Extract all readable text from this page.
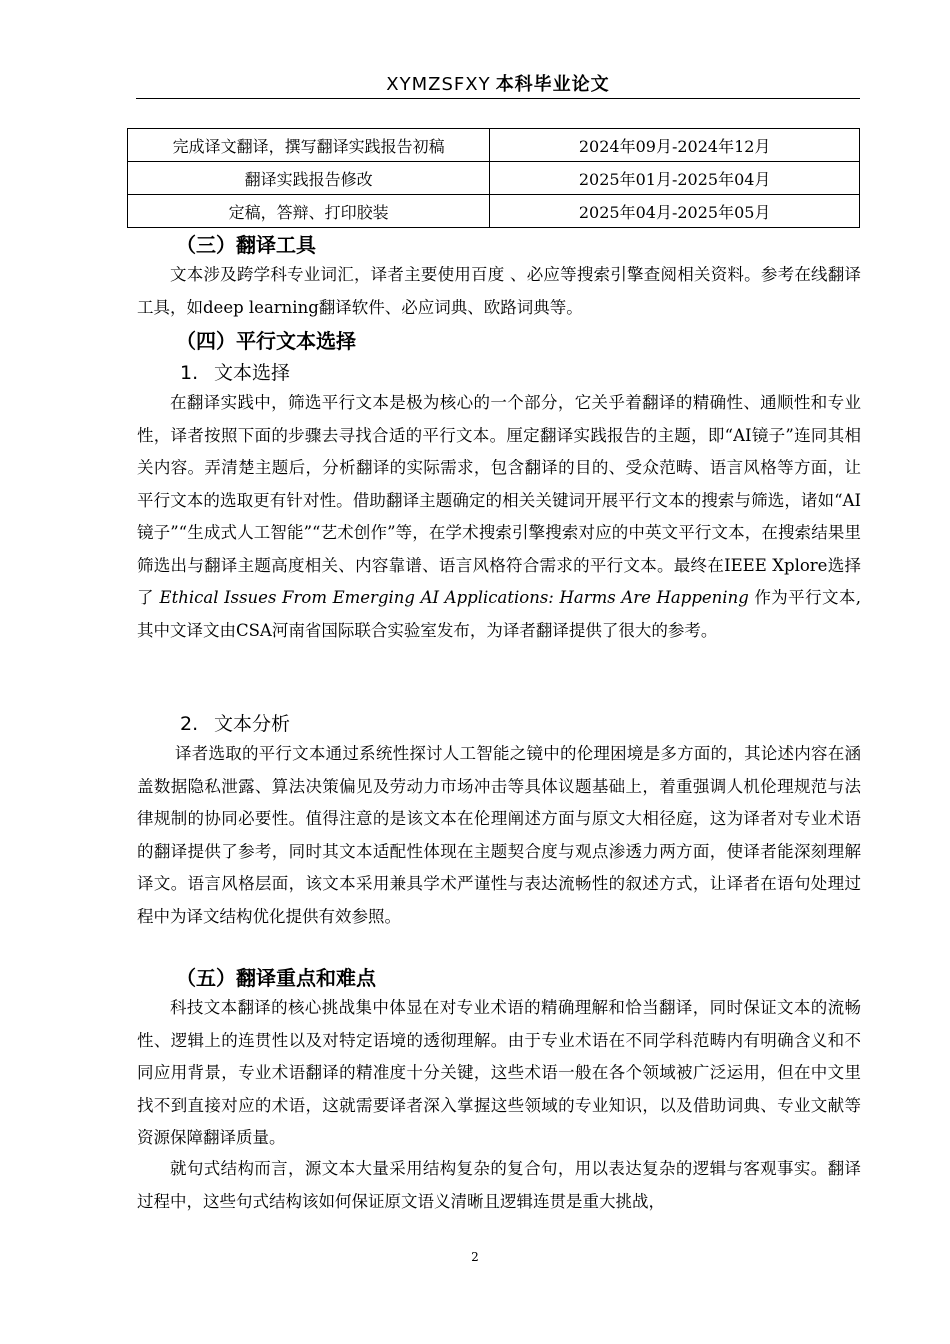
XYMZSFXY 本科毕业论文
完成译文翻译，撰写翻译实践报告初稿	2024年09月-2024年12月
翻译实践报告修改	2025年01月-2025年04月
定稿，答辩、打印胶装	2025年04月-2025年05月
（三）翻译工具

文本涉及跨学科专业词汇，译者主要使用百度 、必应等搜索引擎查阅相关资料。参考在线翻译工具，如deep learning翻译软件、必应词典、欧路词典等。

（四）平行文本选择
1. 文本选择

在翻译实践中，筛选平行文本是极为核心的一个部分，它关乎着翻译的精确性、通顺性和专业性，译者按照下面的步骤去寻找合适的平行文本。厘定翻译实践报告的主题，即“AI镜子”连同其相关内容。弄清楚主题后，分析翻译的实际需求，包含翻译的目的、受众范畴、语言风格等方面，让平行文本的选取更有针对性。借助翻译主题确定的相关关键词开展平行文本的搜索与筛选，诸如“AI镜子”“生成式人工智能”“艺术创作”等，在学术搜索引擎搜索对应的中英文平行文本，在搜索结果里筛选出与翻译主题高度相关、内容靠谱、语言风格符合需求的平行文本。最终在IEEE Xplore选择了 Ethical Issues From Emerging AI Applications: Harms Are Happening 作为平行文本, 其中文译文由CSA河南省国际联合实验室发布，为译者翻译提供了很大的参考。

2. 文本分析

译者选取的平行文本通过系统性探讨人工智能之镜中的伦理困境是多方面的，其论述内容在涵盖数据隐私泄露、算法决策偏见及劳动力市场冲击等具体议题基础上，着重强调人机伦理规范与法律规制的协同必要性。值得注意的是该文本在伦理阐述方面与原文大相径庭，这为译者对专业术语的翻译提供了参考，同时其文本适配性体现在主题契合度与观点渗透力两方面，使译者能深刻理解译文。语言风格层面，该文本采用兼具学术严谨性与表达流畅性的叙述方式，让译者在语句处理过程中为译文结构优化提供有效参照。

（五）翻译重点和难点

科技文本翻译的核心挑战集中体显在对专业术语的精确理解和恰当翻译，同时保证文本的流畅性、逻辑上的连贯性以及对特定语境的透彻理解。由于专业术语在不同学科范畴内有明确含义和不同应用背景，专业术语翻译的精准度十分关键，这些术语一般在各个领域被广泛运用，但在中文里找不到直接对应的术语，这就需要译者深入掌握这些领域的专业知识，以及借助词典、专业文献等资源保障翻译质量。

就句式结构而言，源文本大量采用结构复杂的复合句，用以表达复杂的逻辑与客观事实。翻译过程中，这些句式结构该如何保证原文语义清晰且逻辑连贯是重大挑战，

2
